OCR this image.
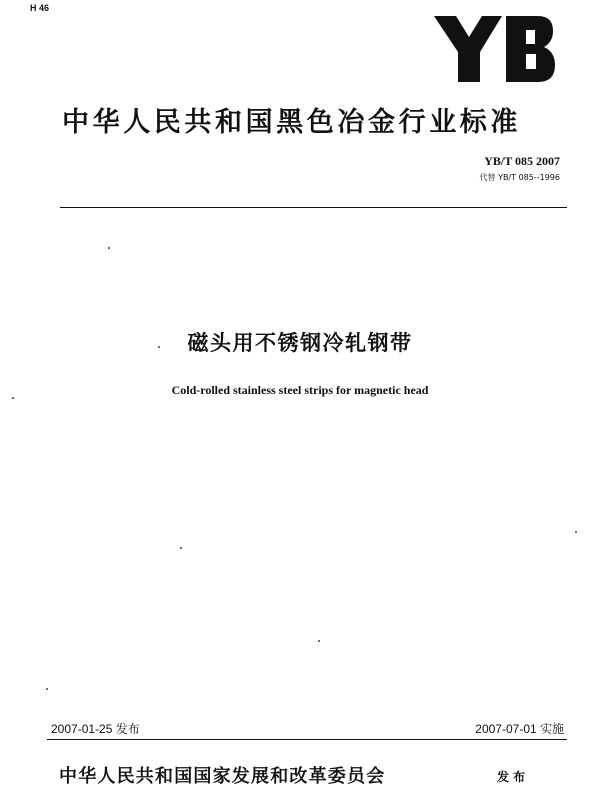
H 46
中华人民共和国黑色冶金行业标准
YB/T 085 2007
代替 YB/T 085--1996
磁头用不锈钢冷轧钢带
Cold-rolled stainless steel strips for magnetic head
2007-01-25 发布	2007-07-01 实施
中华人民共和国国家发展和改革委员会	发布
